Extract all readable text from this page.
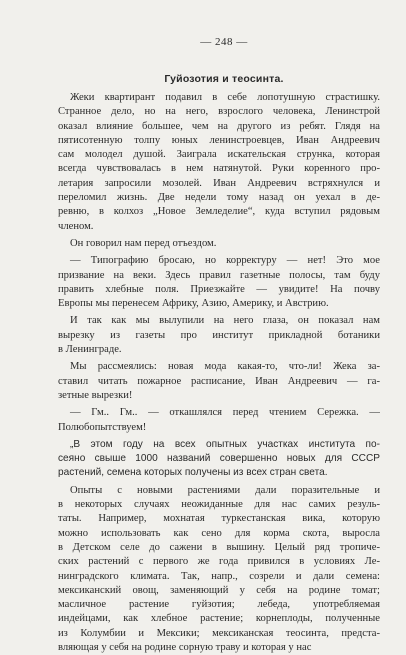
— 248 —
Гуйозотия и теосинта.
Жеки квартирант подавил в себе лопотушную страстишку.
Странное дело, но на него, взрослого человека, Ленинстрой
оказал влияние большее, чем на другого из ребят. Глядя на
пятисотенную толпу юных ленинстроевцев, Иван Андреевич
сам молодел душой. Заиграла искательская струнка, которая
всегда чувствовалась в нем натянутой. Руки коренного про-
летария запросили мозолей. Иван Андреевич встряхнулся и
переломил жизнь. Две недели тому назад он уехал в де-
ревню, в колхоз „Новое Земледелие“, куда вступил рядовым
членом.
Он говорил нам перед отъездом.
— Типографию бросаю, но корректуру — нет! Это мое
призвание на веки. Здесь правил газетные полосы, там буду
править хлебные поля. Приезжайте — увидите! На почву
Европы мы перенесем Африку, Азию, Америку, и Австрию.
И так как мы вылупили на него глаза, он показал нам
вырезку из газеты про институт прикладной ботаники
в Ленинграде.
Мы рассмеялись: новая мода какая-то, что-ли! Жека за-
ставил читать пожарное расписание, Иван Андреевич — га-
зетные вырезки!
— Гм.. Гм.. — откашлялся перед чтением Сережка. —
Полюбопытствуем!
„В этом году на всех опытных участках института по-
сеяно свыше 1000 названий совершенно новых для СССР
растений, семена которых получены из всех стран света.
Опыты с новыми растениями дали поразительные и
в некоторых случаях неожиданные для нас самих резуль-
таты. Например, мохнатая туркестанская вика, которую
можно использовать как сено для корма скота, выросла
в Детском селе до сажени в вышину. Целый ряд тропиче-
ских растений с первого же года привился в условиях Ле-
нинградского климата. Так, напр., созрели и дали семена:
мексиканский овощ, заменяющий у себя на родине томат;
масличное растение гуйзотия; лебеда, употребляемая
индейцами, как хлебное растение; корнеплоды, полученные
из Колумбии и Мексики; мексиканская теосинта, предста-
вляющая у себя на родине сорную траву и которая у нас
